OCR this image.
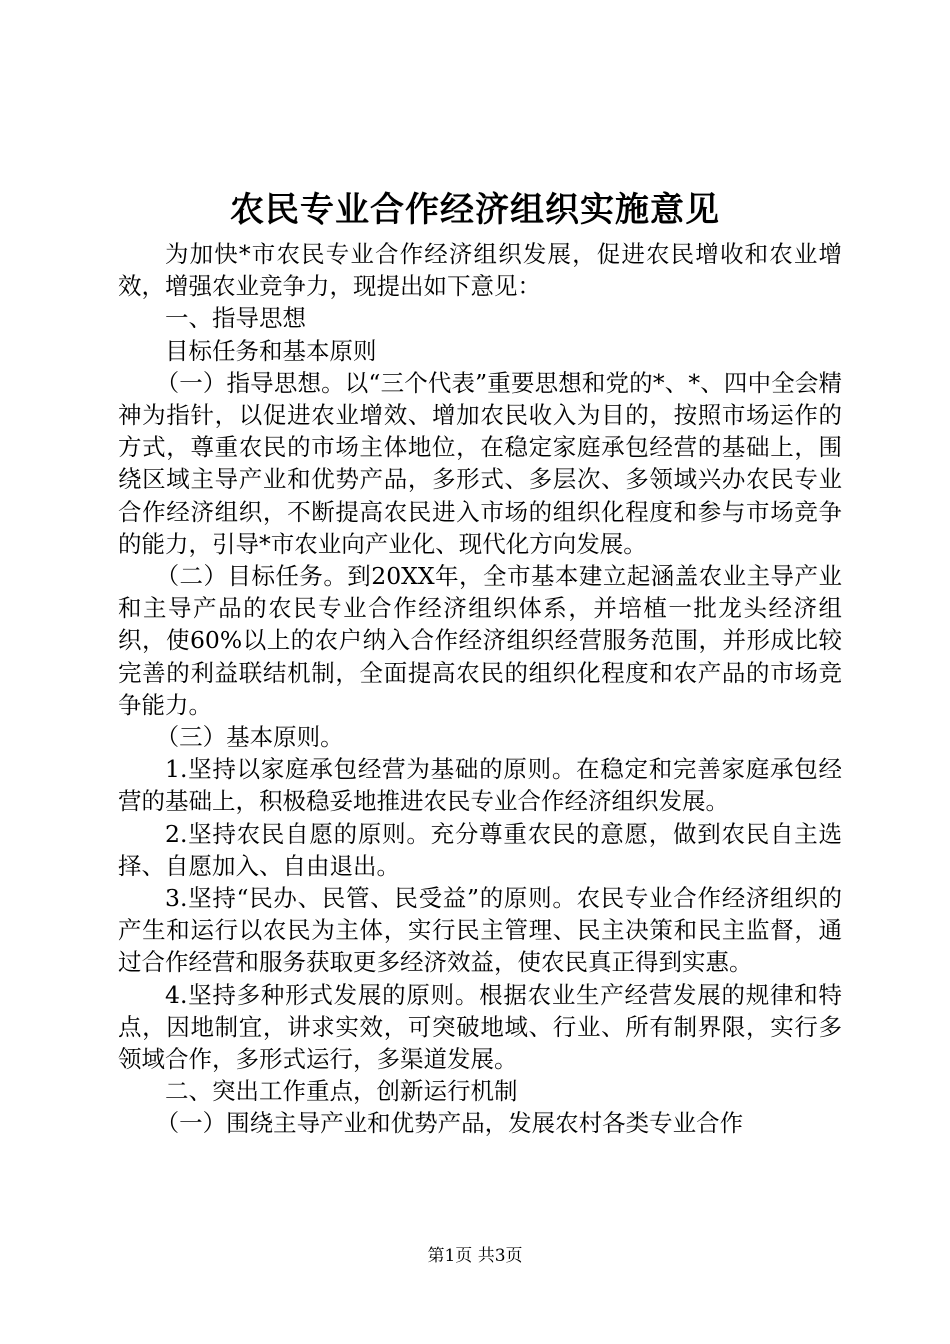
农民专业合作经济组织实施意见

为加快*市农民专业合作经济组织发展，促进农民增收和农业增效，增强农业竞争力，现提出如下意见：

一、指导思想

目标任务和基本原则

（一）指导思想。以“三个代表”重要思想和党的*、*、四中全会精神为指针，以促进农业增效、增加农民收入为目的，按照市场运作的方式，尊重农民的市场主体地位，在稳定家庭承包经营的基础上，围绕区域主导产业和优势产品，多形式、多层次、多领域兴办农民专业合作经济组织，不断提高农民进入市场的组织化程度和参与市场竞争的能力，引导*市农业向产业化、现代化方向发展。

（二）目标任务。到20XX年，全市基本建立起涵盖农业主导产业和主导产品的农民专业合作经济组织体系，并培植一批龙头经济组织，使60%以上的农户纳入合作经济组织经营服务范围，并形成比较完善的利益联结机制，全面提高农民的组织化程度和农产品的市场竞争能力。

（三）基本原则。

1.坚持以家庭承包经营为基础的原则。在稳定和完善家庭承包经营的基础上，积极稳妥地推进农民专业合作经济组织发展。

2.坚持农民自愿的原则。充分尊重农民的意愿，做到农民自主选择、自愿加入、自由退出。

3.坚持“民办、民管、民受益”的原则。农民专业合作经济组织的产生和运行以农民为主体，实行民主管理、民主决策和民主监督，通过合作经营和服务获取更多经济效益，使农民真正得到实惠。

4.坚持多种形式发展的原则。根据农业生产经营发展的规律和特点，因地制宜，讲求实效，可突破地域、行业、所有制界限，实行多领域合作，多形式运行，多渠道发展。

二、突出工作重点，创新运行机制

（一）围绕主导产业和优势产品，发展农村各类专业合作

第1页 共3页
